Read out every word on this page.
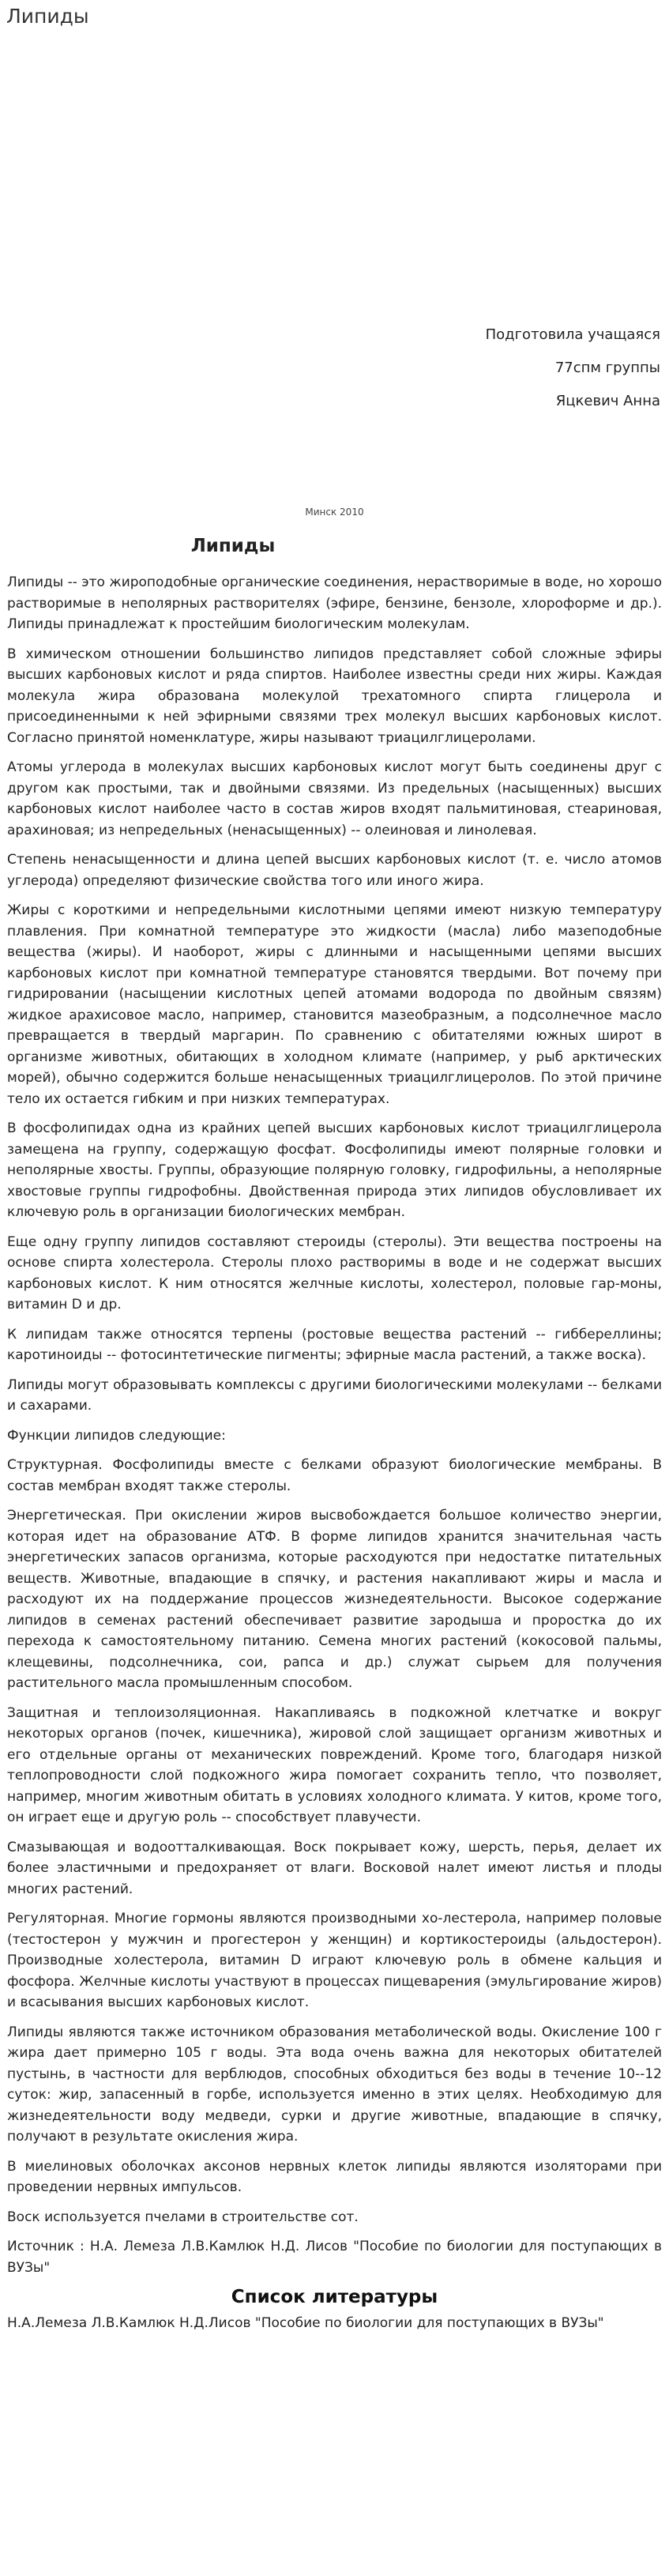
Липиды
Подготовила учащаяся
77спм группы
Яцкевич Анна
Минск 2010
Липиды

Липиды -- это жироподобные органические соединения, нерастворимые в воде, но хорошо растворимые в неполярных растворителях (эфире, бензине, бензоле, хлороформе и др.). Липиды принадлежат к простейшим биологическим молекулам.

В химическом отношении большинство липидов представляет собой сложные эфиры высших карбоновых кислот и ряда спиртов. Наиболее известны среди них жиры. Каждая молекула жира образована молекулой трехатомного спирта глицерола и присоединенными к ней эфирными связями трех молекул высших карбоновых кислот. Согласно принятой номенклатуре, жиры называют триацилглицеролами.

Атомы углерода в молекулах высших карбоновых кислот могут быть соединены друг с другом как простыми, так и двойными связями. Из предельных (насыщенных) высших карбоновых кислот наиболее часто в состав жиров входят пальмитиновая, стеариновая, арахиновая; из непредельных (ненасыщенных) -- олеиновая и линолевая.

Степень ненасыщенности и длина цепей высших карбоновых кислот (т. е. число атомов углерода) определяют физические свойства того или иного жира.

Жиры с короткими и непредельными кислотными цепями имеют низкую температуру плавления. При комнатной температуре это жидкости (масла) либо мазеподобные вещества (жиры). И наоборот, жиры с длинными и насыщенными цепями высших карбоновых кислот при комнатной температуре становятся твердыми. Вот почему при гидрировании (насыщении кислотных цепей атомами водорода по двойным связям) жидкое арахисовое масло, например, становится мазеобразным, а подсолнечное масло превращается в твердый маргарин. По сравнению с обитателями южных широт в организме животных, обитающих в холодном климате (например, у рыб арктических морей), обычно содержится больше ненасыщенных триацилглицеролов. По этой причине тело их остается гибким и при низких температурах.

В фосфолипидах одна из крайних цепей высших карбоновых кислот триацилглицерола замещена на группу, содержащую фосфат. Фосфолипиды имеют полярные головки и неполярные хвосты. Группы, образующие полярную головку, гидрофильны, а неполярные хвостовые группы гидрофобны. Двойственная природа этих липидов обусловливает их ключевую роль в организации биологических мембран.

Еще одну группу липидов составляют стероиды (стеролы). Эти вещества построены на основе спирта холестерола. Стеролы плохо растворимы в воде и не содержат высших карбоновых кислот. К ним относятся желчные кислоты, холестерол, половые гар-моны, витамин D и др.

К липидам также относятся терпены (ростовые вещества растений -- гиббереллины; каротиноиды -- фотосинтетические пигменты; эфирные масла растений, а также воска).

Липиды могут образовывать комплексы с другими биологическими молекулами -- белками и сахарами.

Функции липидов следующие:

Структурная. Фосфолипиды вместе с белками образуют биологические мембраны. В состав мембран входят также стеролы.

Энергетическая. При окислении жиров высвобождается большое количество энергии, которая идет на образование АТФ. В форме липидов хранится значительная часть энергетических запасов организма, которые расходуются при недостатке питательных веществ. Животные, впадающие в спячку, и растения накапливают жиры и масла и расходуют их на поддержание процессов жизнедеятельности. Высокое содержание липидов в семенах растений обеспечивает развитие зародыша и проростка до их перехода к самостоятельному питанию. Семена многих растений (кокосовой пальмы, клещевины, подсолнечника, сои, рапса и др.) служат сырьем для получения растительного масла промышленным способом.

Защитная и теплоизоляционная. Накапливаясь в подкожной клетчатке и вокруг некоторых органов (почек, кишечника), жировой слой защищает организм животных и его отдельные органы от механических повреждений. Кроме того, благодаря низкой теплопроводности слой подкожного жира помогает сохранить тепло, что позволяет, например, многим животным обитать в условиях холодного климата. У китов, кроме того, он играет еще и другую роль -- способствует плавучести.

Смазывающая и водоотталкивающая. Воск покрывает кожу, шерсть, перья, делает их более эластичными и предохраняет от влаги. Восковой налет имеют листья и плоды многих растений.

Регуляторная. Многие гормоны являются производными хо-лестерола, например половые (тестостерон у мужчин и прогестерон у женщин) и кортикостероиды (альдостерон). Производные холестерола, витамин D играют ключевую роль в обмене кальция и фосфора. Желчные кислоты участвуют в процессах пищеварения (эмульгирование жиров) и всасывания высших карбоновых кислот.

Липиды являются также источником образования метаболической воды. Окисление 100 г жира дает примерно 105 г воды. Эта вода очень важна для некоторых обитателей пустынь, в частности для верблюдов, способных обходиться без воды в течение 10--12 суток: жир, запасенный в горбе, используется именно в этих целях. Необходимую для жизнедеятельности воду медведи, сурки и другие животные, впадающие в спячку, получают в результате окисления жира.

В миелиновых оболочках аксонов нервных клеток липиды являются изоляторами при проведении нервных импульсов.

Воск используется пчелами в строительстве сот.

Источник : Н.А. Лемеза Л.В.Камлюк Н.Д. Лисов "Пособие по биологии для поступающих в ВУЗы"

Список литературы

Н.А.Лемеза Л.В.Камлюк Н.Д.Лисов "Пособие по биологии для поступающих в ВУЗы"
